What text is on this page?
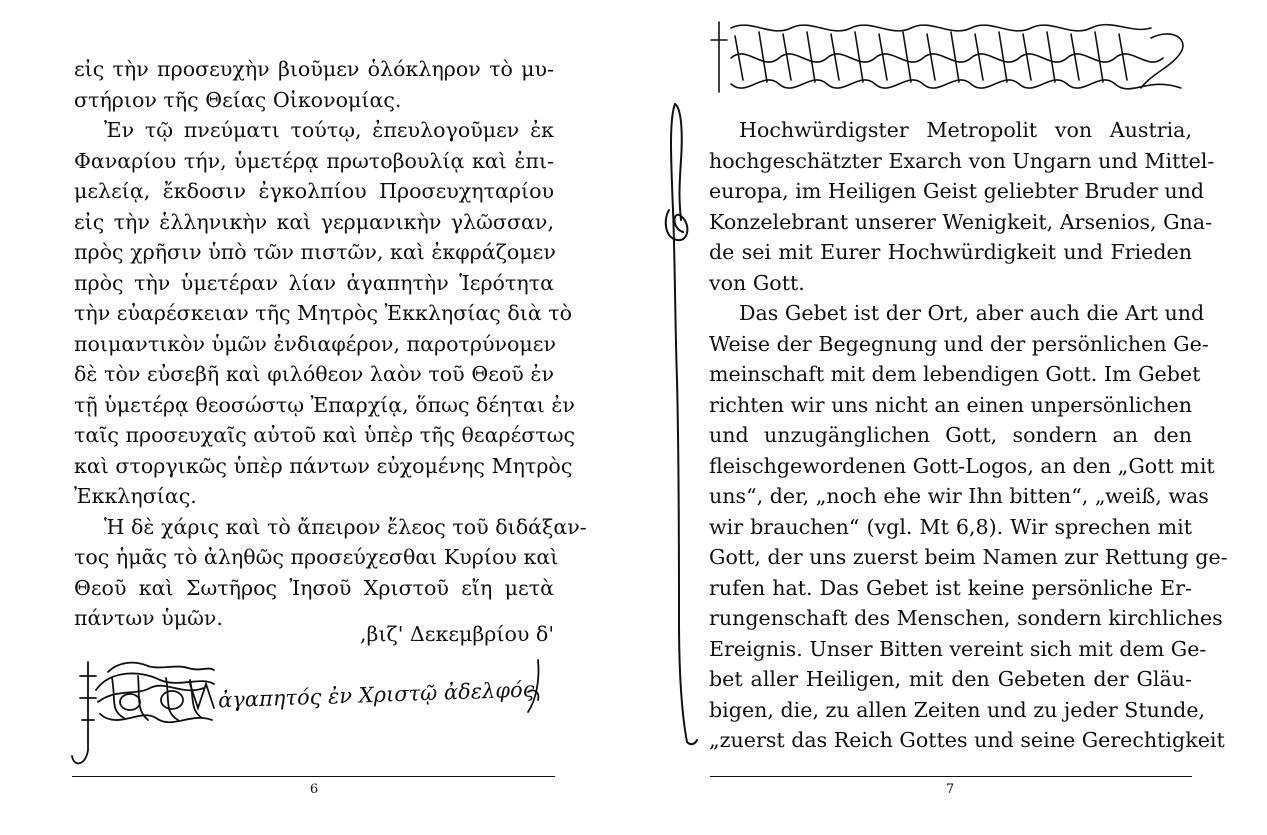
εἰς τὴν προσευχὴν βιοῦμεν ὁλόκληρον τὸ μυ-
στήριον τῆς Θείας Οἰκονομίας.
Ἐν τῷ πνεύματι τούτῳ, ἐπευλογοῦμεν ἐκ
Φαναρίου τήν, ὑμετέρᾳ πρωτοβουλίᾳ καὶ ἐπι-
μελείᾳ, ἔκδοσιν ἐγκολπίου Προσευχηταρίου
εἰς τὴν ἑλληνικὴν καὶ γερμανικὴν γλῶσσαν,
πρὸς χρῆσιν ὑπὸ τῶν πιστῶν, καὶ ἐκφράζομεν
πρὸς τὴν ὑμετέραν λίαν ἀγαπητὴν Ἱερότητα
τὴν εὐαρέσκειαν τῆς Μητρὸς Ἐκκλησίας διὰ τὸ
ποιμαντικὸν ὑμῶν ἐνδιαφέρον, παροτρύνομεν
δὲ τὸν εὐσεβῆ καὶ φιλόθεον λαὸν τοῦ Θεοῦ ἐν
τῇ ὑμετέρᾳ θεοσώστῳ Ἐπαρχίᾳ, ὅπως δέηται ἐν
ταῖς προσευχαῖς αὐτοῦ καὶ ὑπὲρ τῆς θεαρέστως
καὶ στοργικῶς ὑπὲρ πάντων εὐχομένης Μητρὸς
Ἐκκλησίας.
Ἡ δὲ χάρις καὶ τὸ ἄπειρον ἔλεος τοῦ διδάξαν-
τος ἡμᾶς τὸ ἀληθῶς προσεύχεσθαι Κυρίου καὶ
Θεοῦ καὶ Σωτῆρος Ἰησοῦ Χριστοῦ εἴη μετὰ
πάντων ὑμῶν.
,βιζ' Δεκεμβρίου δ'
ἀγαπητός ἐν Χριστῷ ἀδελφός
6
Hochwürdigster Metropolit von Austria,
hochgeschätzter Exarch von Ungarn und Mittel-
europa, im Heiligen Geist geliebter Bruder und
Konzelebrant unserer Wenigkeit, Arsenios, Gna-
de sei mit Eurer Hochwürdigkeit und Frieden
von Gott.
Das Gebet ist der Ort, aber auch die Art und
Weise der Begegnung und der persönlichen Ge-
meinschaft mit dem lebendigen Gott. Im Gebet
richten wir uns nicht an einen unpersönlichen
und unzugänglichen Gott, sondern an den
fleischgewordenen Gott-Logos, an den „Gott mit
uns“, der, „noch ehe wir Ihn bitten“, „weiß, was
wir brauchen“ (vgl. Mt 6,8). Wir sprechen mit
Gott, der uns zuerst beim Namen zur Rettung ge-
rufen hat. Das Gebet ist keine persönliche Er-
rungenschaft des Menschen, sondern kirchliches
Ereignis. Unser Bitten vereint sich mit dem Ge-
bet aller Heiligen, mit den Gebeten der Gläu-
bigen, die, zu allen Zeiten und zu jeder Stunde,
„zuerst das Reich Gottes und seine Gerechtigkeit
7
